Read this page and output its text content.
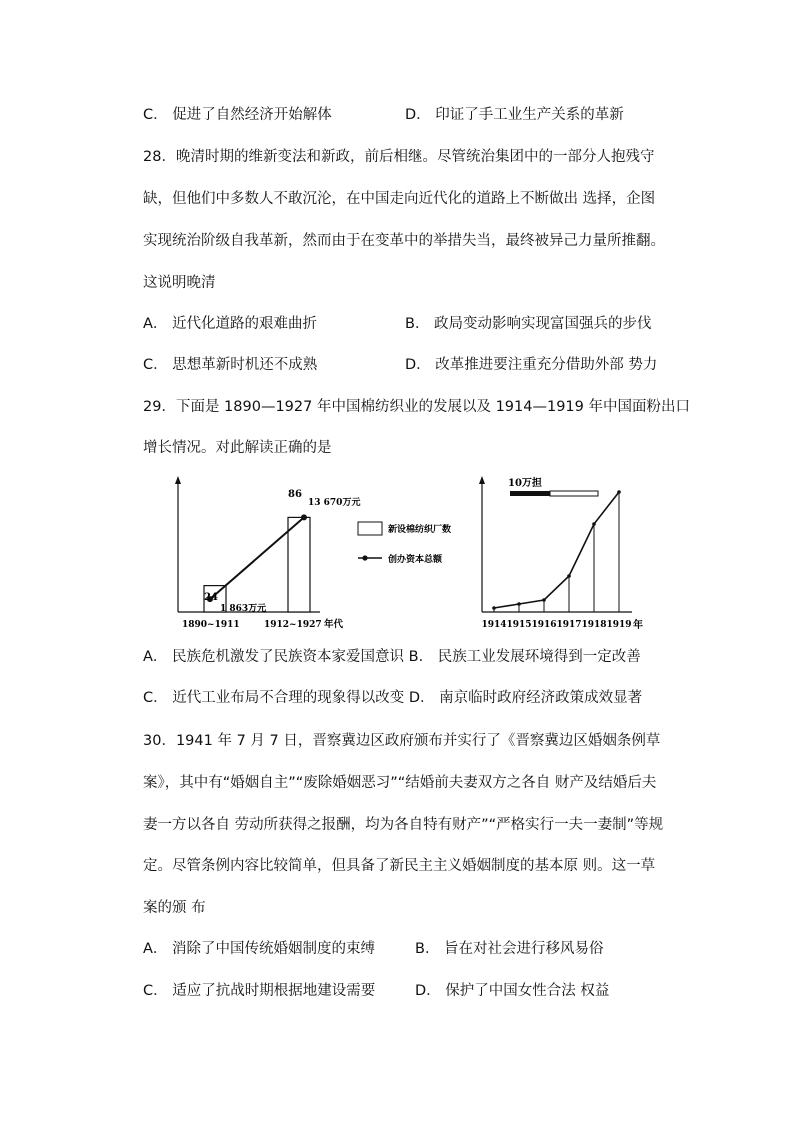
C． 促进了自然经济开始解体	D． 印证了手工业生产关系的革新
28．晚清时期的维新变法和新政，前后相继。尽管统治集团中的一部分人抱残守
缺，但他们中多数人不敢沉沦，在中国走向近代化的道路上不断做出 选择，企图
实现统治阶级自我革新，然而由于在变革中的举措失当，最终被异己力量所推翻。
这说明晚清
A． 近代化道路的艰难曲折	B． 政局变动影响实现富国强兵的步伐
C． 思想革新时机还不成熟	D． 改革推进要注重充分借助外部 势力
29．下面是 1890—1927 年中国棉纺织业的发展以及 1914—1919 年中国面粉出口
增长情况。对此解读正确的是
24
1 863万元
86
13 670万元
1890~1911	1912~1927 年代
新设棉纺织厂数
创办资本总额
10万担
1914 1915 1916 1917 1918 1919 年
A． 民族危机激发了民族资本家爱国意识 B． 民族工业发展环境得到一定改善
C． 近代工业布局不合理的现象得以改变 D． 南京临时政府经济政策成效显著
30．1941 年 7 月 7 日，晋察冀边区政府颁布并实行了《晋察冀边区婚姻条例草
案》，其中有“婚姻自主”“废除婚姻恶习”“结婚前夫妻双方之各自 财产及结婚后夫
妻一方以各自 劳动所获得之报酬，均为各自特有财产”“严格实行一夫一妻制”等规
定。尽管条例内容比较简单，但具备了新民主主义婚姻制度的基本原 则。这一草
案的颁 布
A． 消除了中国传统婚姻制度的束缚	B． 旨在对社会进行移风易俗
C． 适应了抗战时期根据地建设需要	D． 保护了中国女性合法 权益
